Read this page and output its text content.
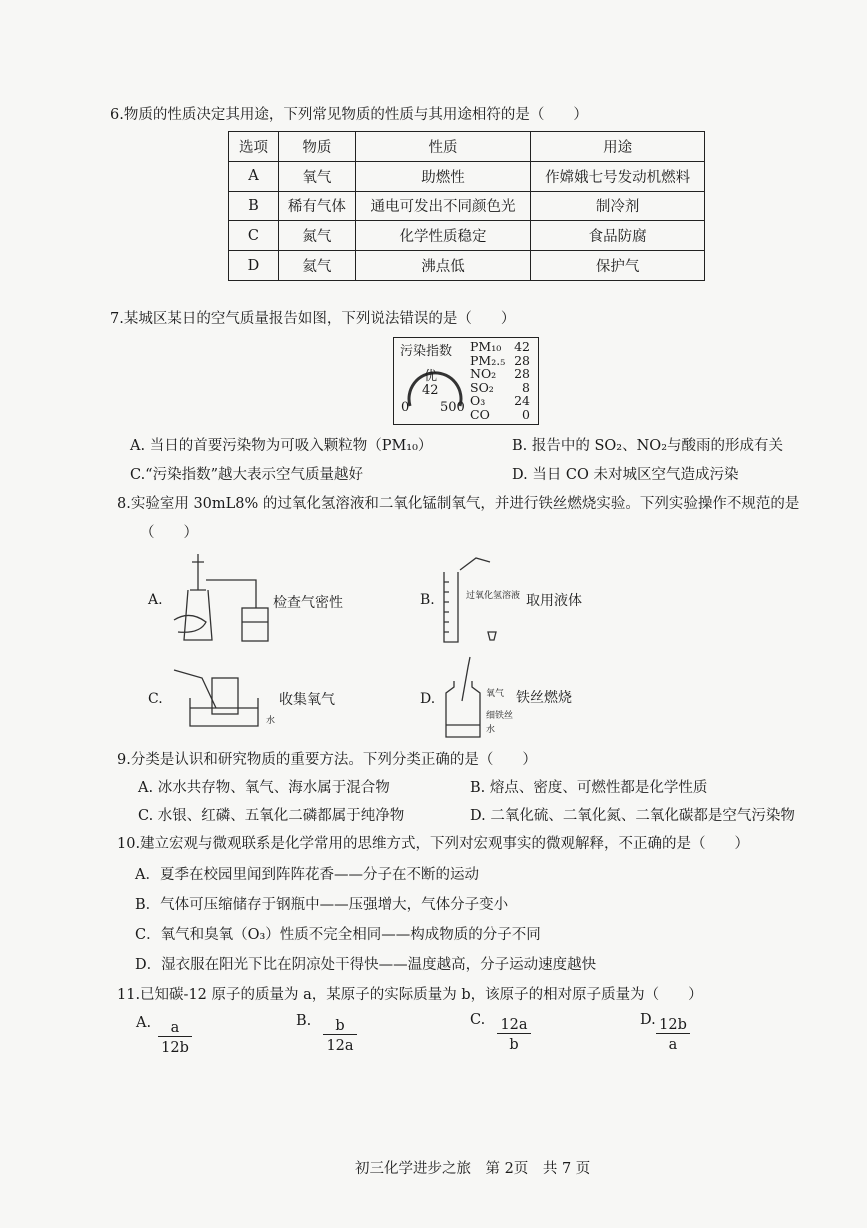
6.物质的性质决定其用途，下列常见物质的性质与其用途相符的是（　　）
选项	物质	性质	用途
A	氧气	助燃性	作嫦娥七号发动机燃料
B	稀有气体	通电可发出不同颜色光	制冷剂
C	氮气	化学性质稳定	食品防腐
D	氦气	沸点低	保护气
7.某城区某日的空气质量报告如图，下列说法错误的是（　　）
污染指数
优
42
0 500
PM₁₀ 42
PM₂.₅ 28
NO₂ 28
SO₂ 8
O₃ 24
CO	0
A. 当日的首要污染物为可吸入颗粒物（PM₁₀）	B. 报告中的 SO₂、NO₂与酸雨的形成有关
C.“污染指数”越大表示空气质量越好	D. 当日 CO 未对城区空气造成污染
8.实验室用 30mL8% 的过氧化氢溶液和二氧化锰制氧气，并进行铁丝燃烧实验。下列实验操作不规范的是
（　　）
A.	检查气密性	B.	过氧化氢溶液 取用液体
C.
水
收集氧气	D.	氧气
细铁丝
水
铁丝燃烧
9.分类是认识和研究物质的重要方法。下列分类正确的是（　　）
A. 冰水共存物、氧气、海水属于混合物	B. 熔点、密度、可燃性都是化学性质
C. 水银、红磷、五氧化二磷都属于纯净物	D. 二氧化硫、二氧化氮、二氧化碳都是空气污染物
10.建立宏观与微观联系是化学常用的思维方式，下列对宏观事实的微观解释，不正确的是（　　）
A．夏季在校园里闻到阵阵花香——分子在不断的运动
B．气体可压缩储存于钢瓶中——压强增大，气体分子变小
C．氧气和臭氧（O₃）性质不完全相同——构成物质的分子不同
D．湿衣服在阳光下比在阴凉处干得快——温度越高，分子运动速度越快
11.已知碳-12 原子的质量为 a，某原子的实际质量为 b，该原子的相对原子质量为（　　）
A. $\frac{a}{12b}$	B. $\frac{b}{12a}$	C. $\frac{12a}{b}$	D. $\frac{12b}{a}$
初三化学进步之旅　第 2页　共 7 页
